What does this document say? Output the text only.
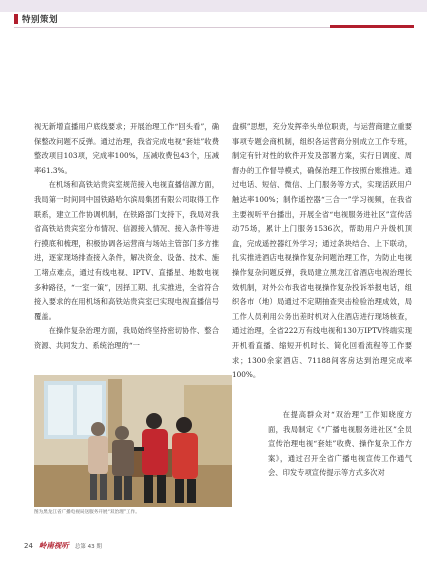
特别策划

视无新增直播用户底线要求；开展治理工作“回头看”，确保整改问题不反弹。通过治理，我省完成电视“套娃”收费整改项目103项，完成率100%，压减收费包43个，压减率61.3%。

在机场和高铁站贵宾室规范接入电视直播信源方面，我局第一时间同中国铁路哈尔滨局集团有限公司取得工作联系，建立工作协调机制，在铁路部门支持下，我局对我省高铁站贵宾室分布情况、信源接入情况、接入条件等进行摸底和梳理，积极协调各运营商与场站主管部门多方推进，逐家现场排查接入条件，解决资金、设备、技术、施工堵点难点，通过有线电视、IPTV、直播星、地数电视多种路径，“一室一策”，因择工期、扎实推进，全省符合接入要求的在用机场和高铁站贵宾室已实现电视直播信号覆盖。

在操作复杂治理方面，我局始终坚持密切协作、整合资源、共同发力、系统治理的“一

盘棋”思想，充分发挥牵头单位职责，与运营商建立重要事项专题会商机制，组织各运营商分别成立工作专班，制定有针对性的软件开发及部署方案，实行日调度、周督办的工作督导模式，确保治理工作按照台账推进。通过电话、短信、微信、上门服务等方式，实现活跃用户触达率100%；制作遥控器“三合一”学习视频，在我省主要视听平台播出，开展全省“电视服务进社区”宣传活动75场，累计上门服务1536次，帮助用户升级机顶盒，完成遥控器红外学习；通过条块结合、上下联动，扎实推进酒店电视操作复杂问题治理工作，为防止电视操作复杂问题反弹，我局建立黑龙江省酒店电视治理长效机制，对外公布我省电视操作复杂投诉举报电话，组织各市（地）局通过不定期抽查突击检验治理成效，局工作人员利用公务出差时机对入住酒店进行现场核查，通过治理，全省222万有线电视和130万IPTV终端实现开机看直播、缩短开机时长、简化回看流程等工作要求；1300余家酒店、71188间客房达到治理完成率100%。

在提高群众对“双治理”工作知晓度方面，我局制定《“广播电视服务进社区”全员宣传治理电视“套娃”收费、操作复杂工作方案》，通过召开全省广播电视宣传工作通气会、印发专项宣传提示等方式多次对

图为黑龙江省广播电视局送服务开展“双治理”工作。
24 岭南视听 总第 43 期
